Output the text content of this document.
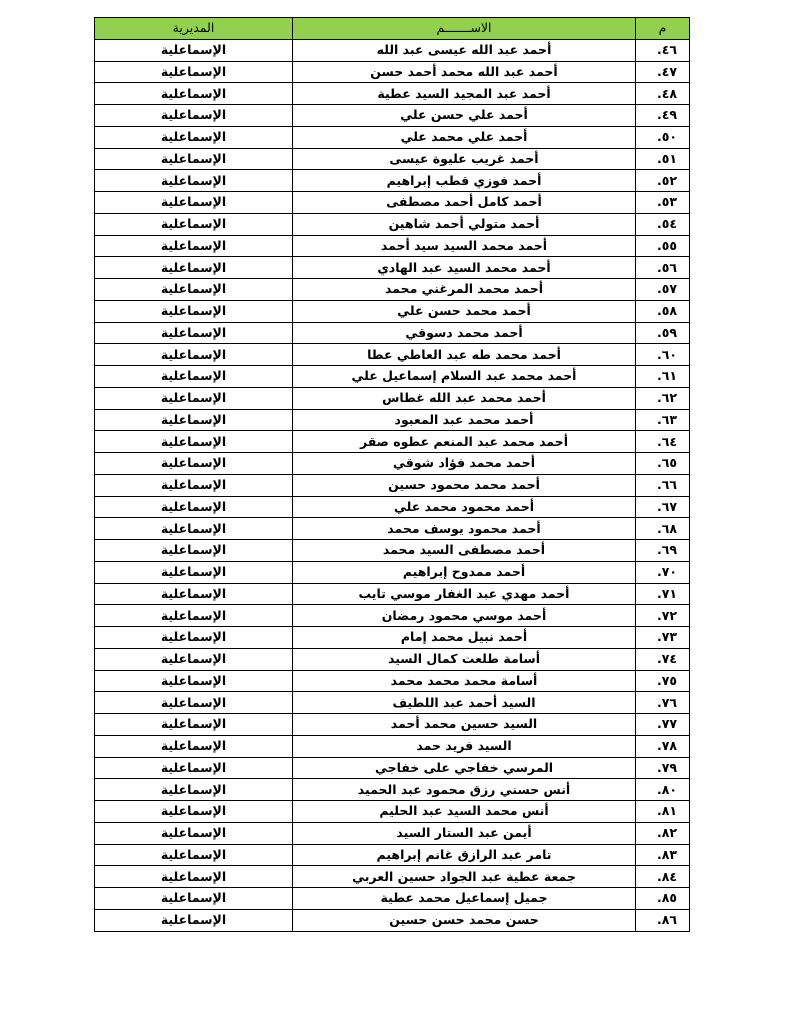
م	الاســـــــم	المديرية
٤٦.	أحمد عبد الله عيسى عبد الله	الإسماعلية
٤٧.	أحمد عبد الله محمد أحمد حسن	الإسماعلية
٤٨.	أحمد عبد المجيد السيد عطية	الإسماعلية
٤٩.	أحمد علي حسن علي	الإسماعلية
٥٠.	أحمد علي محمد علي	الإسماعلية
٥١.	أحمد غريب عليوة عيسى	الإسماعلية
٥٢.	أحمد فوزي قطب إبراهيم	الإسماعلية
٥٣.	أحمد كامل أحمد مصطفى	الإسماعلية
٥٤.	أحمد متولي أحمد شاهين	الإسماعلية
٥٥.	أحمد محمد السيد سيد أحمد	الإسماعلية
٥٦.	أحمد محمد السيد عبد الهادي	الإسماعلية
٥٧.	أحمد محمد المرغني محمد	الإسماعلية
٥٨.	أحمد محمد حسن علي	الإسماعلية
٥٩.	أحمد محمد دسوقي	الإسماعلية
٦٠.	أحمد محمد طه عبد العاطي عطا	الإسماعلية
٦١.	أحمد محمد عبد السلام إسماعيل علي	الإسماعلية
٦٢.	أحمد محمد عبد الله غطاس	الإسماعلية
٦٣.	أحمد محمد عبد المعبود	الإسماعلية
٦٤.	أحمد محمد عبد المنعم عطوه صقر	الإسماعلية
٦٥.	أحمد محمد فؤاد شوقي	الإسماعلية
٦٦.	أحمد محمد محمود حسين	الإسماعلية
٦٧.	أحمد محمود محمد علي	الإسماعلية
٦٨.	أحمد محمود يوسف محمد	الإسماعلية
٦٩.	أحمد مصطفى السيد محمد	الإسماعلية
٧٠.	أحمد ممدوح إبراهيم	الإسماعلية
٧١.	أحمد مهدي عبد الغفار موسي تايب	الإسماعلية
٧٢.	أحمد موسي محمود رمضان	الإسماعلية
٧٣.	أحمد نبيل محمد إمام	الإسماعلية
٧٤.	أسامة طلعت كمال السيد	الإسماعلية
٧٥.	أسامة محمد محمد محمد	الإسماعلية
٧٦.	السيد أحمد عبد اللطيف	الإسماعلية
٧٧.	السيد حسين محمد أحمد	الإسماعلية
٧٨.	السيد فريد حمد	الإسماعلية
٧٩.	المرسي خفاجي على خفاجي	الإسماعلية
٨٠.	أنس حسني رزق محمود عبد الحميد	الإسماعلية
٨١.	أنس محمد السيد عبد الحليم	الإسماعلية
٨٢.	أيمن عبد الستار السيد	الإسماعلية
٨٣.	تامر عبد الرازق غانم إبراهيم	الإسماعلية
٨٤.	جمعة عطية عبد الجواد حسين العربي	الإسماعلية
٨٥.	جميل إسماعيل محمد عطية	الإسماعلية
٨٦.	حسن محمد حسن حسين	الإسماعلية
